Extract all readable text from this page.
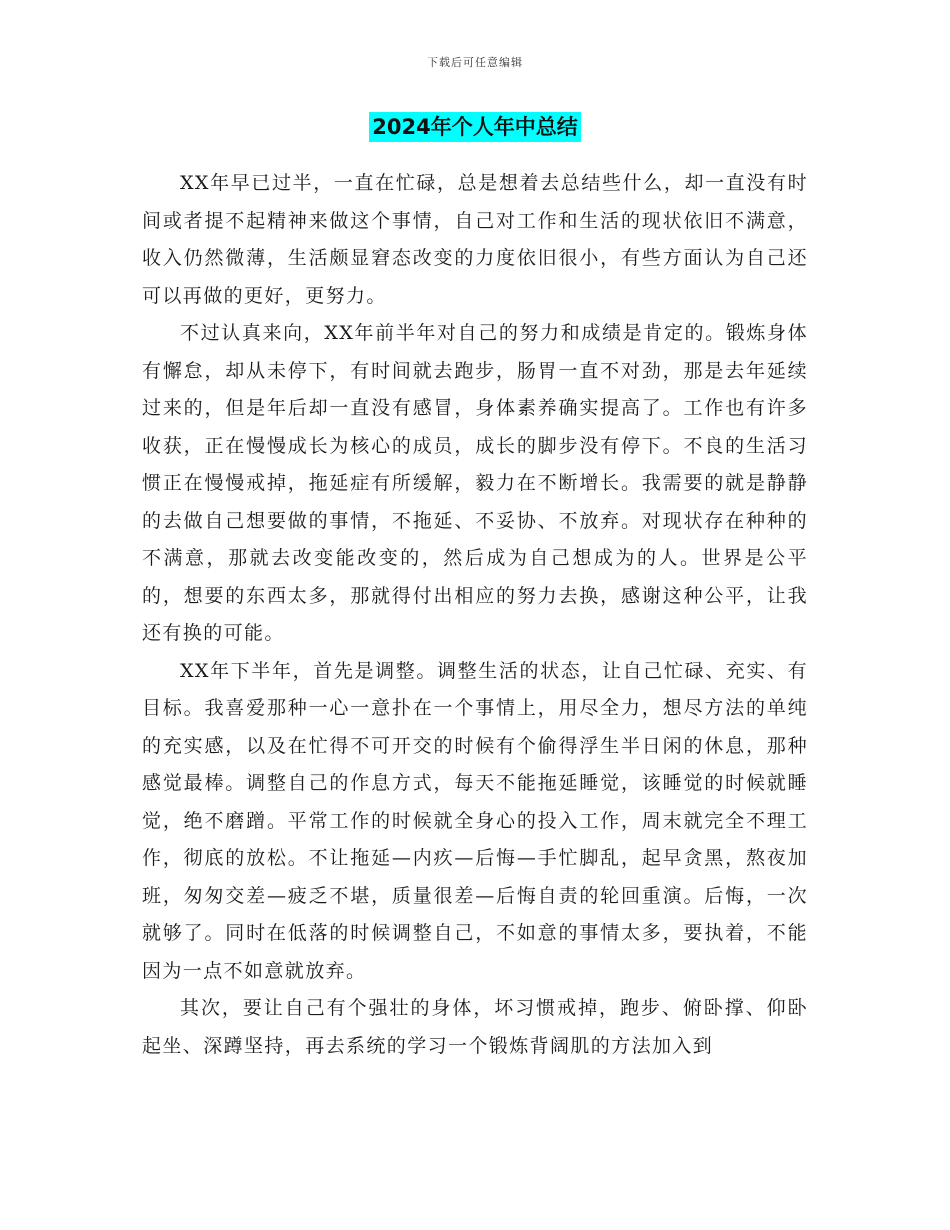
下载后可任意编辑
2024年个人年中总结

XX年早已过半，一直在忙碌，总是想着去总结些什么，却一直没有时间或者提不起精神来做这个事情，自己对工作和生活的现状依旧不满意，收入仍然微薄，生活颇显窘态改变的力度依旧很小，有些方面认为自己还可以再做的更好，更努力。

不过认真来向，XX年前半年对自己的努力和成绩是肯定的。锻炼身体有懈怠，却从未停下，有时间就去跑步，肠胃一直不对劲，那是去年延续过来的，但是年后却一直没有感冒，身体素养确实提高了。工作也有许多收获，正在慢慢成长为核心的成员，成长的脚步没有停下。不良的生活习惯正在慢慢戒掉，拖延症有所缓解，毅力在不断增长。我需要的就是静静的去做自己想要做的事情，不拖延、不妥协、不放弃。对现状存在种种的不满意，那就去改变能改变的，然后成为自己想成为的人。世界是公平的，想要的东西太多，那就得付出相应的努力去换，感谢这种公平，让我还有换的可能。

XX年下半年，首先是调整。调整生活的状态，让自己忙碌、充实、有目标。我喜爱那种一心一意扑在一个事情上，用尽全力，想尽方法的单纯的充实感，以及在忙得不可开交的时候有个偷得浮生半日闲的休息，那种感觉最棒。调整自己的作息方式，每天不能拖延睡觉，该睡觉的时候就睡觉，绝不磨蹭。平常工作的时候就全身心的投入工作，周末就完全不理工作，彻底的放松。不让拖延—内疚—后悔—手忙脚乱，起早贪黑，熬夜加班，匆匆交差—疲乏不堪，质量很差—后悔自责的轮回重演。后悔，一次就够了。同时在低落的时候调整自己，不如意的事情太多，要执着，不能因为一点不如意就放弃。

其次，要让自己有个强壮的身体，坏习惯戒掉，跑步、俯卧撑、仰卧起坐、深蹲坚持，再去系统的学习一个锻炼背阔肌的方法加入到
